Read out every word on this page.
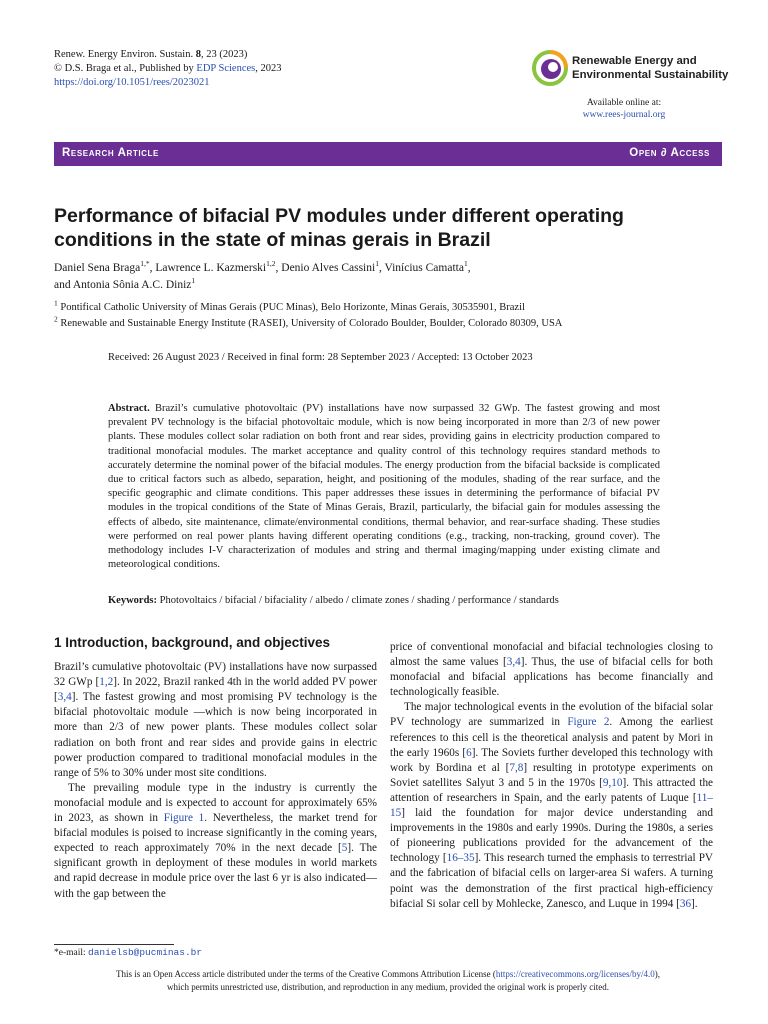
Renew. Energy Environ. Sustain. 8, 23 (2023)
© D.S. Braga et al., Published by EDP Sciences, 2023
https://doi.org/10.1051/rees/2023021
Renewable Energy and
Environmental Sustainability
Available online at:
www.rees-journal.org
Research Article	Open ∂ Access
Performance of bifacial PV modules under different operating conditions in the state of minas gerais in Brazil
Daniel Sena Braga$^{1,*}$, Lawrence L. Kazmerski$^{1,2}$, Denio Alves Cassini$^1$, Vinícius Camatta$^1$,
and Antonia Sônia A.C. Diniz$^1$
$^1$ Pontifical Catholic University of Minas Gerais (PUC Minas), Belo Horizonte, Minas Gerais, 30535901, Brazil
$^2$ Renewable and Sustainable Energy Institute (RASEI), University of Colorado Boulder, Boulder, Colorado 80309, USA
Received: 26 August 2023 / Received in final form: 28 September 2023 / Accepted: 13 October 2023
Abstract. Brazil’s cumulative photovoltaic (PV) installations have now surpassed 32 GWp. The fastest growing and most prevalent PV technology is the bifacial photovoltaic module, which is now being incorporated in more than 2/3 of new power plants. These modules collect solar radiation on both front and rear sides, providing gains in electricity production compared to traditional monofacial modules. The market acceptance and quality control of this technology requires standard methods to accurately determine the nominal power of the bifacial modules. The energy production from the bifacial backside is complicated due to critical factors such as albedo, separation, height, and positioning of the modules, shading of the rear surface, and the specific geographic and climate conditions. This paper addresses these issues in determining the performance of bifacial PV modules in the tropical conditions of the State of Minas Gerais, Brazil, particularly, the bifacial gain for modules assessing the effects of albedo, site maintenance, climate/environmental conditions, thermal behavior, and rear-surface shading. These studies were performed on real power plants having different operating conditions (e.g., tracking, non-tracking, ground cover). The methodology includes I-V characterization of modules and string and thermal imaging/mapping under existing climate and meteorological conditions.
Keywords: Photovoltaics / bifacial / bifaciality / albedo / climate zones / shading / performance / standards
1 Introduction, background, and objectives

Brazil’s cumulative photovoltaic (PV) installations have now surpassed 32 GWp [1,2]. In 2022, Brazil ranked 4th in the world added PV power [3,4]. The fastest growing and most promising PV technology is the bifacial photovoltaic module —which is now being incorporated in more than 2/3 of new power plants. These modules collect solar radiation on both front and rear sides and provide gains in electric power production compared to traditional monofacial modules in the range of 5% to 30% under most site conditions.

The prevailing module type in the industry is currently the monofacial module and is expected to account for approximately 65% in 2023, as shown in Figure 1. Nevertheless, the market trend for bifacial modules is poised to increase significantly in the coming years, expected to reach approximately 70% in the next decade [5]. The significant growth in deployment of these modules in world markets and rapid decrease in module price over the last 6 yr is also indicated—with the gap between the

price of conventional monofacial and bifacial technologies closing to almost the same values [3,4]. Thus, the use of bifacial cells for both monofacial and bifacial applications has become financially and technologically feasible.

The major technological events in the evolution of the bifacial solar PV technology are summarized in Figure 2. Among the earliest references to this cell is the theoretical analysis and patent by Mori in the early 1960s [6]. The Soviets further developed this technology with work by Bordina et al [7,8] resulting in prototype experiments on Soviet satellites Salyut 3 and 5 in the 1970s [9,10]. This attracted the attention of researchers in Spain, and the early patents of Luque [11–15] laid the foundation for major device understanding and improvements in the 1980s and early 1990s. During the 1980s, a series of pioneering publications provided for the advancement of the technology [16–35]. This research turned the emphasis to terrestrial PV and the fabrication of bifacial cells on larger-area Si wafers. A turning point was the demonstration of the first practical high-efficiency bifacial Si solar cell by Mohlecke, Zanesco, and Luque in 1994 [36].

*e-mail: danielsb@pucminas.br
This is an Open Access article distributed under the terms of the Creative Commons Attribution License (https://creativecommons.org/licenses/by/4.0),
which permits unrestricted use, distribution, and reproduction in any medium, provided the original work is properly cited.
